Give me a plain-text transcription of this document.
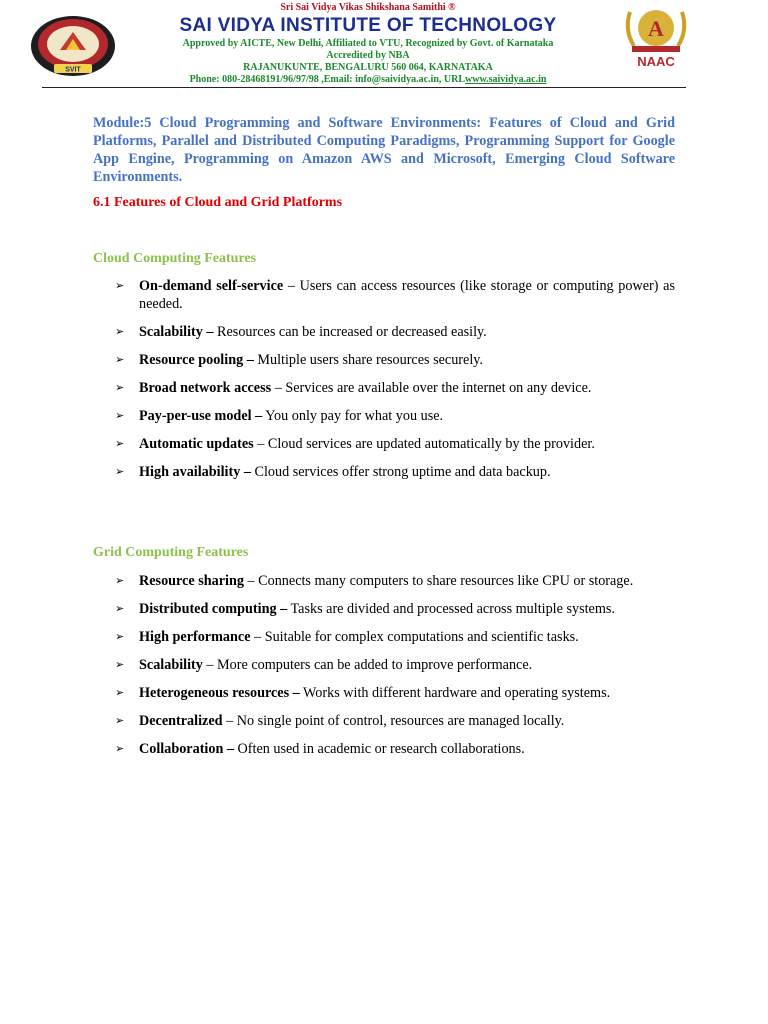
SVIT
Sri Sai Vidya Vikas Shikshana Samithi ®
SAI VIDYA INSTITUTE OF TECHNOLOGY
Approved by AICTE, New Delhi, Affiliated to VTU, Recognized by Govt. of Karnataka
Accredited by NBA
RAJANUKUNTE, BENGALURU 560 064, KARNATAKA
Phone: 080-28468191/96/97/98 ,Email: info@saividya.ac.in, URLwww.saividya.ac.in
A
NAAC

Module:5 Cloud Programming and Software Environments: Features of Cloud and Grid Platforms, Parallel and Distributed Computing Paradigms, Programming Support for Google App Engine, Programming on Amazon AWS and Microsoft, Emerging Cloud Software Environments.

6.1 Features of Cloud and Grid Platforms

Cloud Computing Features

➢ On-demand self-service – Users can access resources (like storage or computing power) as needed.
➢ Scalability – Resources can be increased or decreased easily.
➢ Resource pooling – Multiple users share resources securely.
➢ Broad network access – Services are available over the internet on any device.
➢ Pay-per-use model – You only pay for what you use.
➢ Automatic updates – Cloud services are updated automatically by the provider.
➢ High availability – Cloud services offer strong uptime and data backup.

Grid Computing Features

➢ Resource sharing – Connects many computers to share resources like CPU or storage.
➢ Distributed computing – Tasks are divided and processed across multiple systems.
➢ High performance – Suitable for complex computations and scientific tasks.
➢ Scalability – More computers can be added to improve performance.
➢ Heterogeneous resources – Works with different hardware and operating systems.
➢ Decentralized – No single point of control, resources are managed locally.
➢ Collaboration – Often used in academic or research collaborations.
